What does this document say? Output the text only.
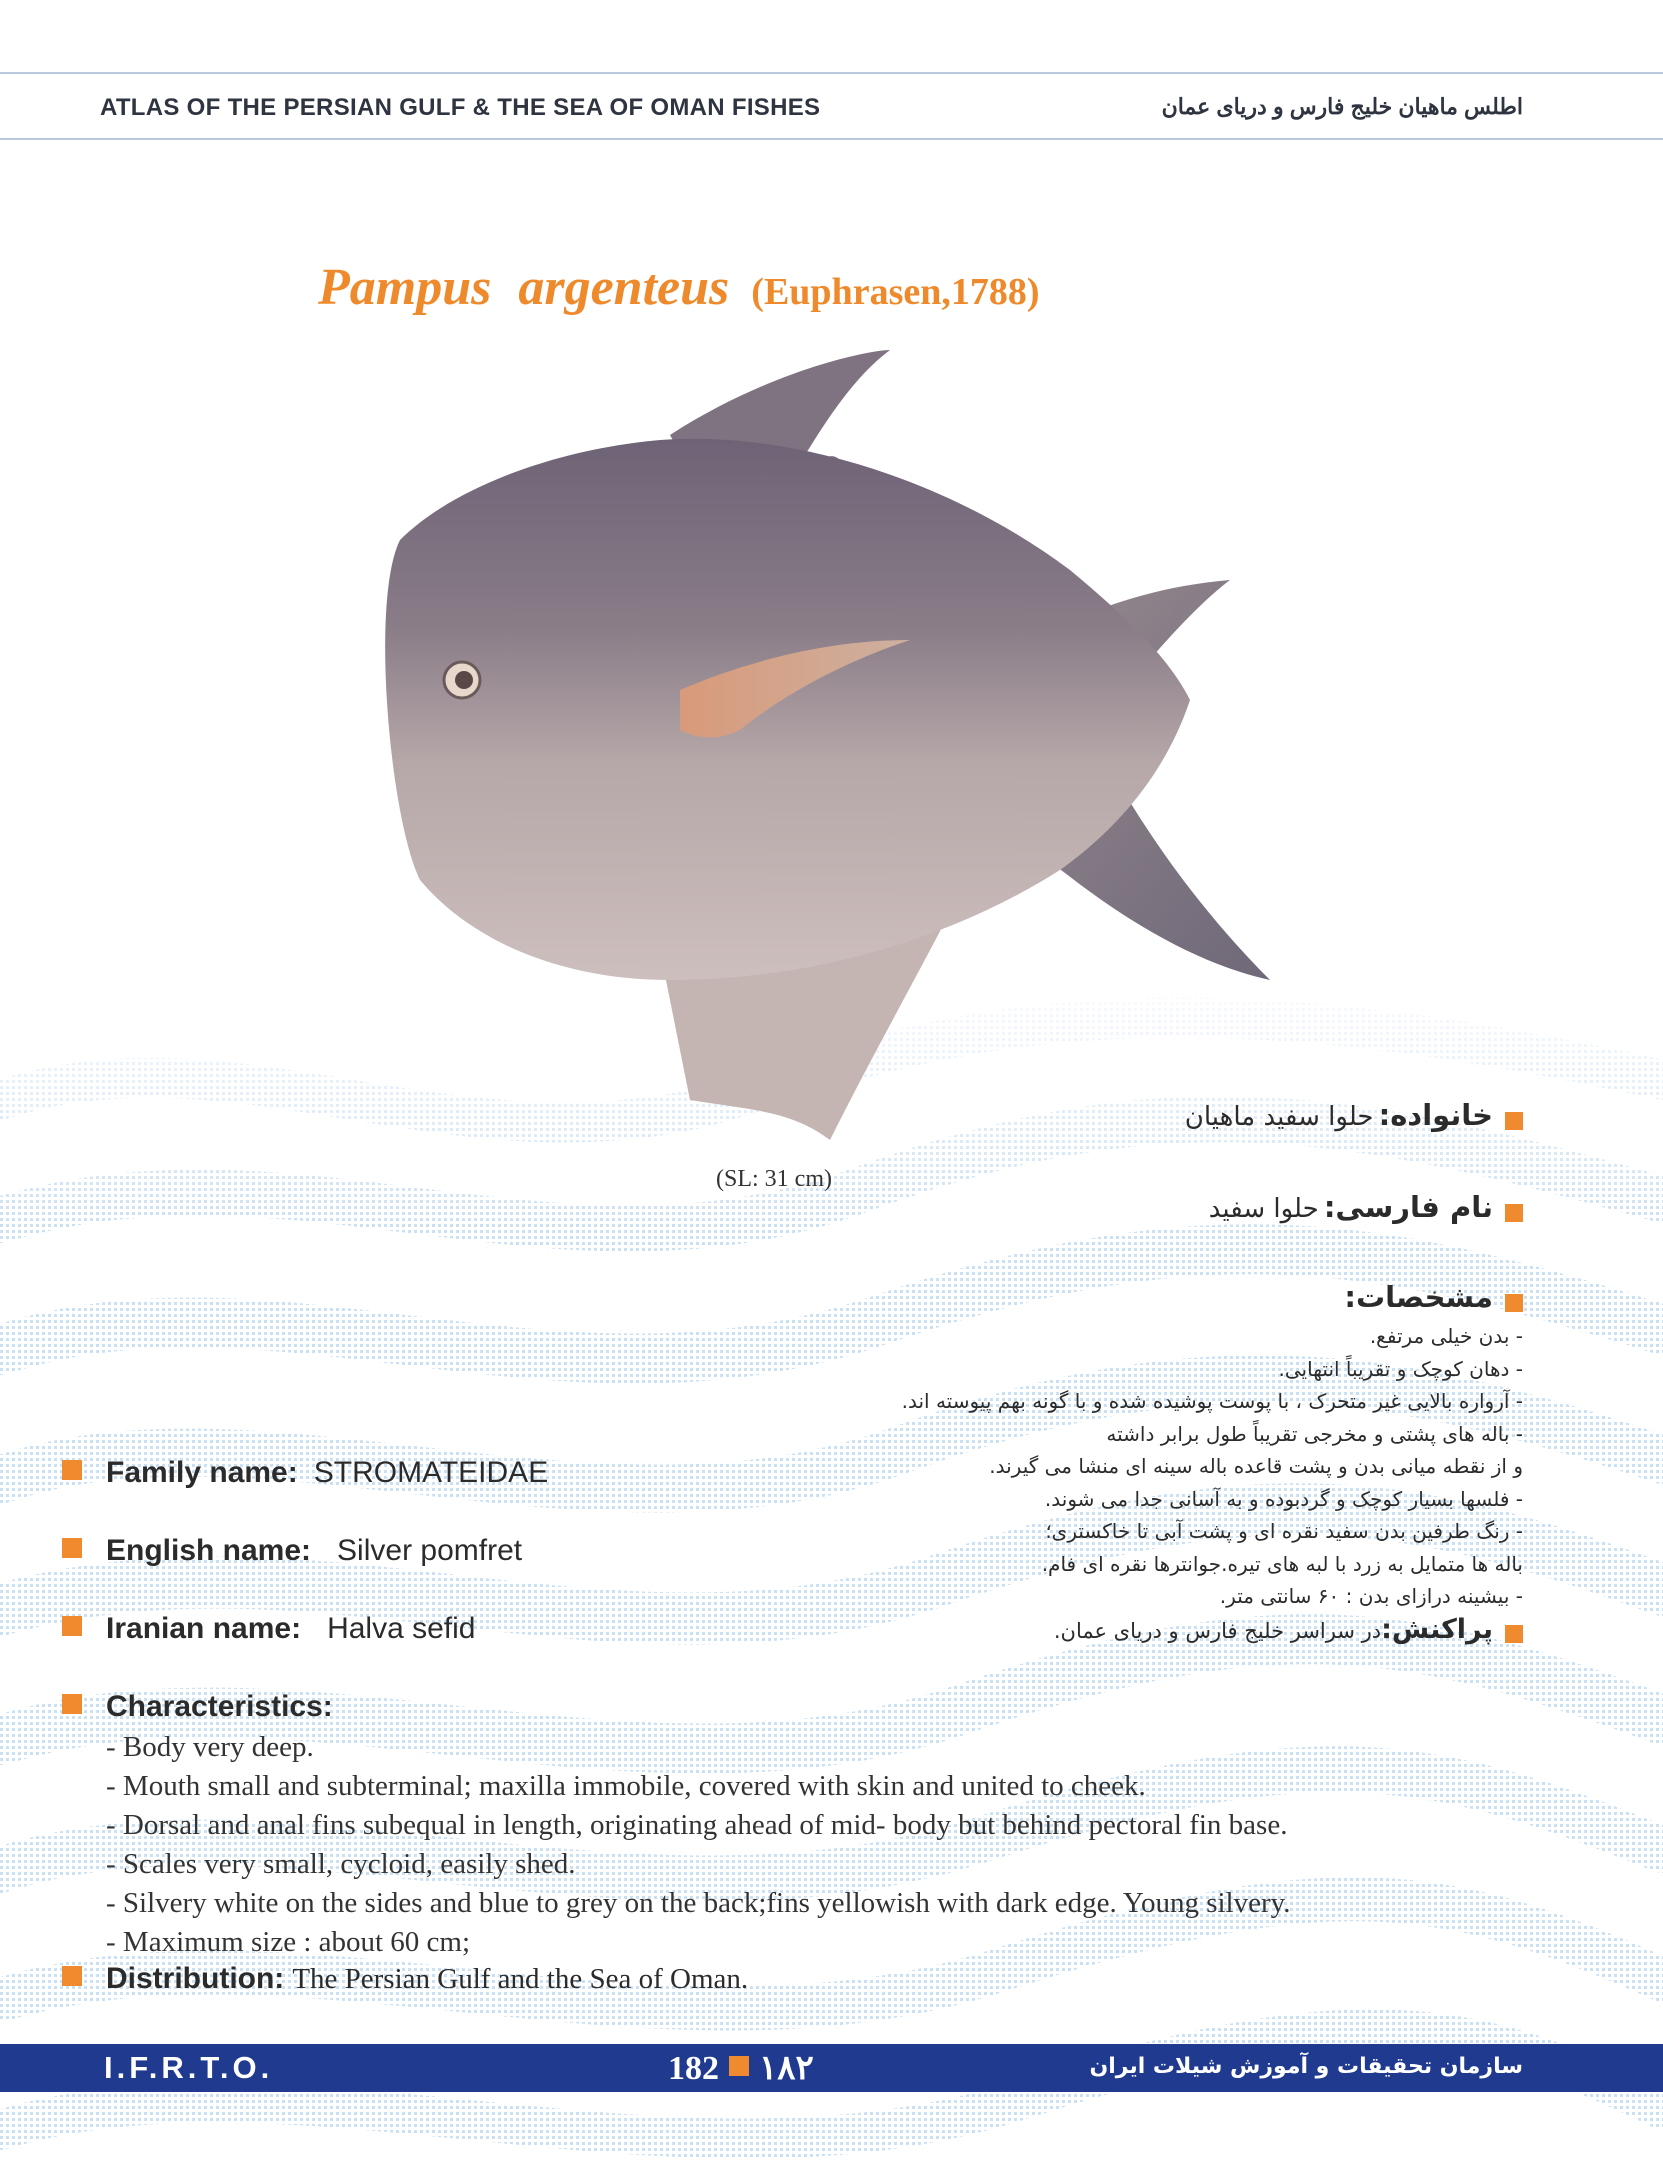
ATLAS OF THE PERSIAN GULF & THE SEA OF OMAN FISHES	اطلس ماهیان خلیج فارس و دریای عمان
Pampus argenteus (Euphrasen,1788)
(SL: 31 cm)
خانواده: حلوا سفید ماهیان
نام فارسی: حلوا سفید
مشخصات:
- بدن خیلی مرتفع.
- دهان کوچک و تقریباً انتهایی.
- آرواره بالایی غیر متحرک ، با پوست پوشیده شده و با گونه بهم پیوسته اند.
- باله های پشتی و مخرجی تقریباً طول برابر داشته
و از نقطه میانی بدن و پشت قاعده باله سینه ای منشا می گیرند.
- فلسها بسیار کوچک و گردبوده و به آسانی جدا می شوند.
- رنگ طرفین بدن سفید نقره ای و پشت آبی تا خاکستری؛
باله ها متمایل به زرد با لبه های تیره.جوانترها نقره ای فام.
- بیشینه درازای بدن : ۶۰ سانتی متر.
پراکنش:در سراسر خلیج فارس و دریای عمان.
Family name: STROMATEIDAE
English name: Silver pomfret
Iranian name: Halva sefid
Characteristics:
- Body very deep.
- Mouth small and subterminal; maxilla immobile, covered with skin and united to cheek.
- Dorsal and anal fins subequal in length, originating ahead of mid- body but behind pectoral fin base.
- Scales very small, cycloid, easily shed.
- Silvery white on the sides and blue to grey on the back;fins yellowish with dark edge. Young silvery.
- Maximum size : about 60 cm;
Distribution: The Persian Gulf and the Sea of Oman.
I.F.R.T.O.	182 ۱۸۲	سازمان تحقیقات و آموزش شیلات ایران
